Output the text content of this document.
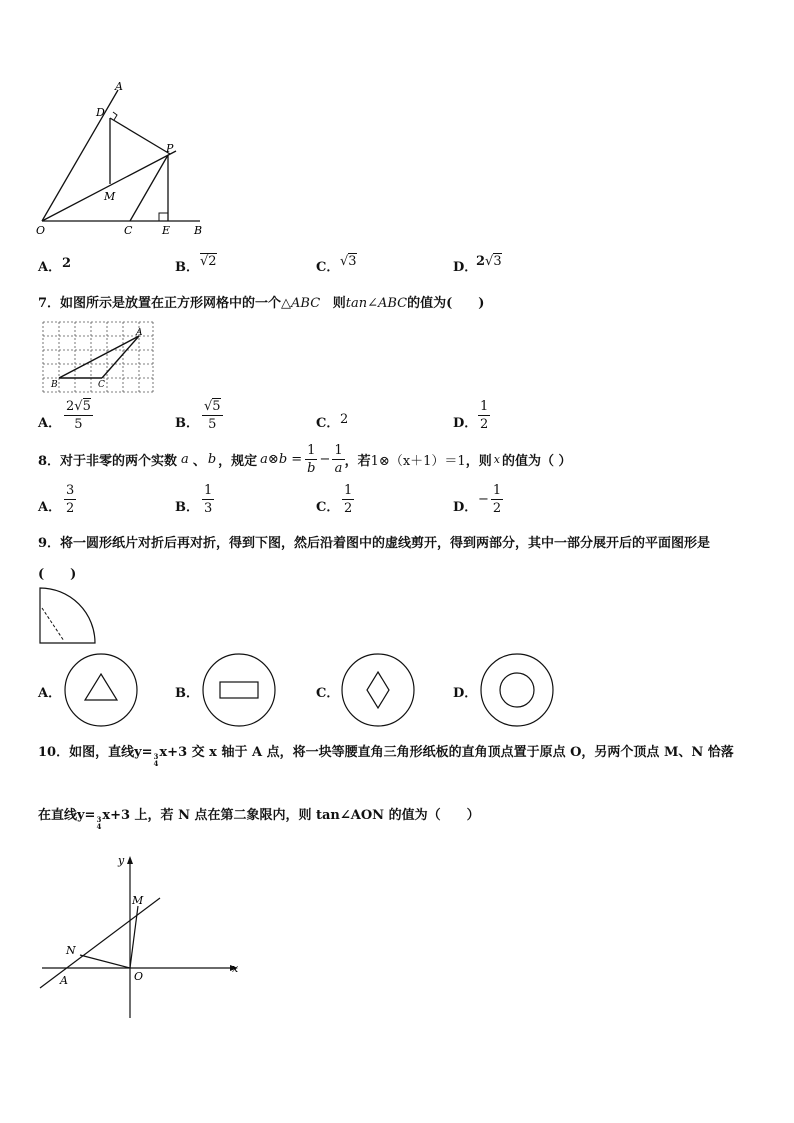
A
D
P
M
O	C	E B
A． 2	B． √2	C． √3	D．
2√3
7．如图所示是放置在正方形网格中的一个△ABC 则tan∠ABC的值为(　　)
A
B	C
A． $\frac{2√5}{5}$	B． $\frac{√5}{5}$	C． 2	D． $\frac{1}{2}$
8．对于非零的两个实数 a 、 b ，规定 a⊗b = $\frac{1}{b} - \frac{1}{a}$ ，若 1⊗（x＋1）＝1 ，则 x 的值为（ ）
A． $\frac{3}{2}$	B． $\frac{1}{3}$	C． $\frac{1}{2}$	D．
− $\frac{1}{2}$
9．将一圆形纸片对折后再对折，得到下图，然后沿着图中的虚线剪开，得到两部分，其中一部分展开后的平面图形是
(　　)
A．	B．	C．	D．
10．如图，直线y=3
4x+3 交 x 轴于 A 点，将一块等腰直角三角形纸板的直角顶点置于原点 O，另两个顶点 M、N 恰落
在直线y=3
4x+3 上，若 N 点在第二象限内，则 tan∠AON 的值为（　　）
y
x
M
N
O
A
